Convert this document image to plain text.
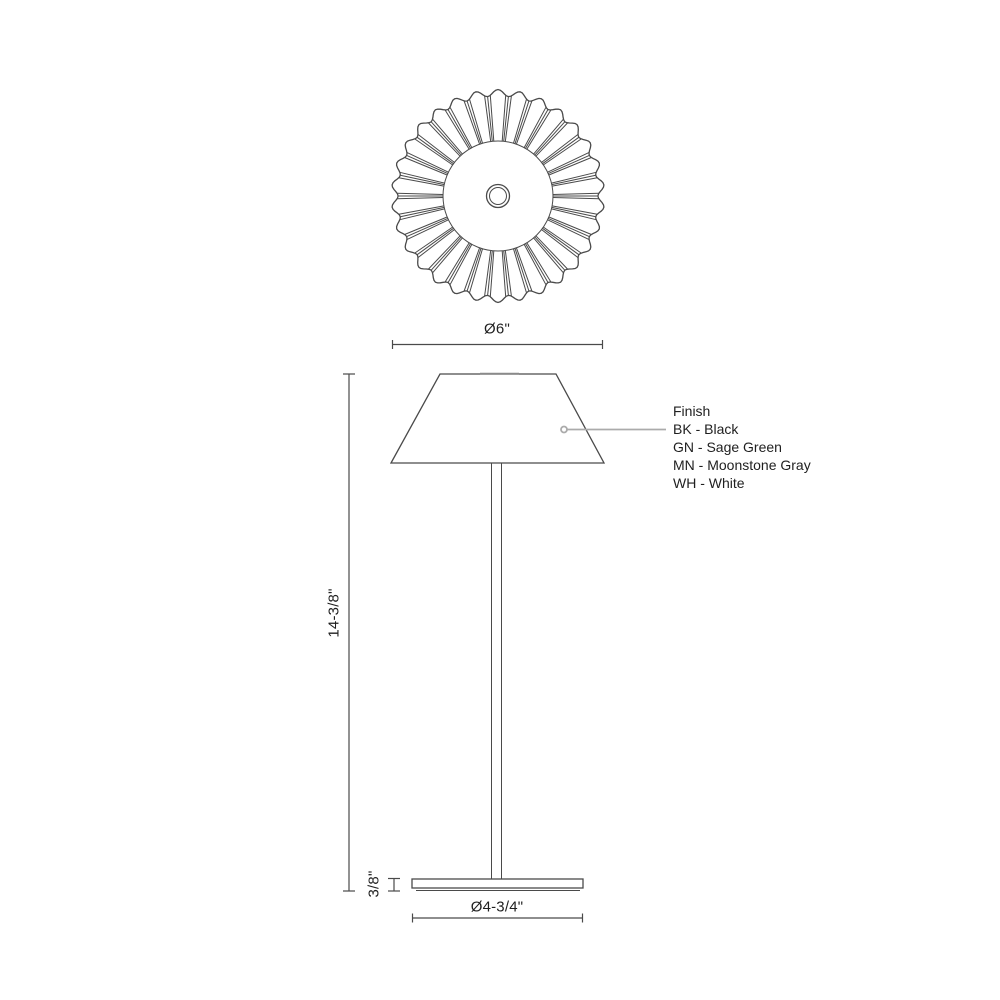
Ø6"
14-3/8"
3/8"
Ø4-3/4"
Finish
BK - Black
GN - Sage Green
MN - Moonstone Gray
WH - White
